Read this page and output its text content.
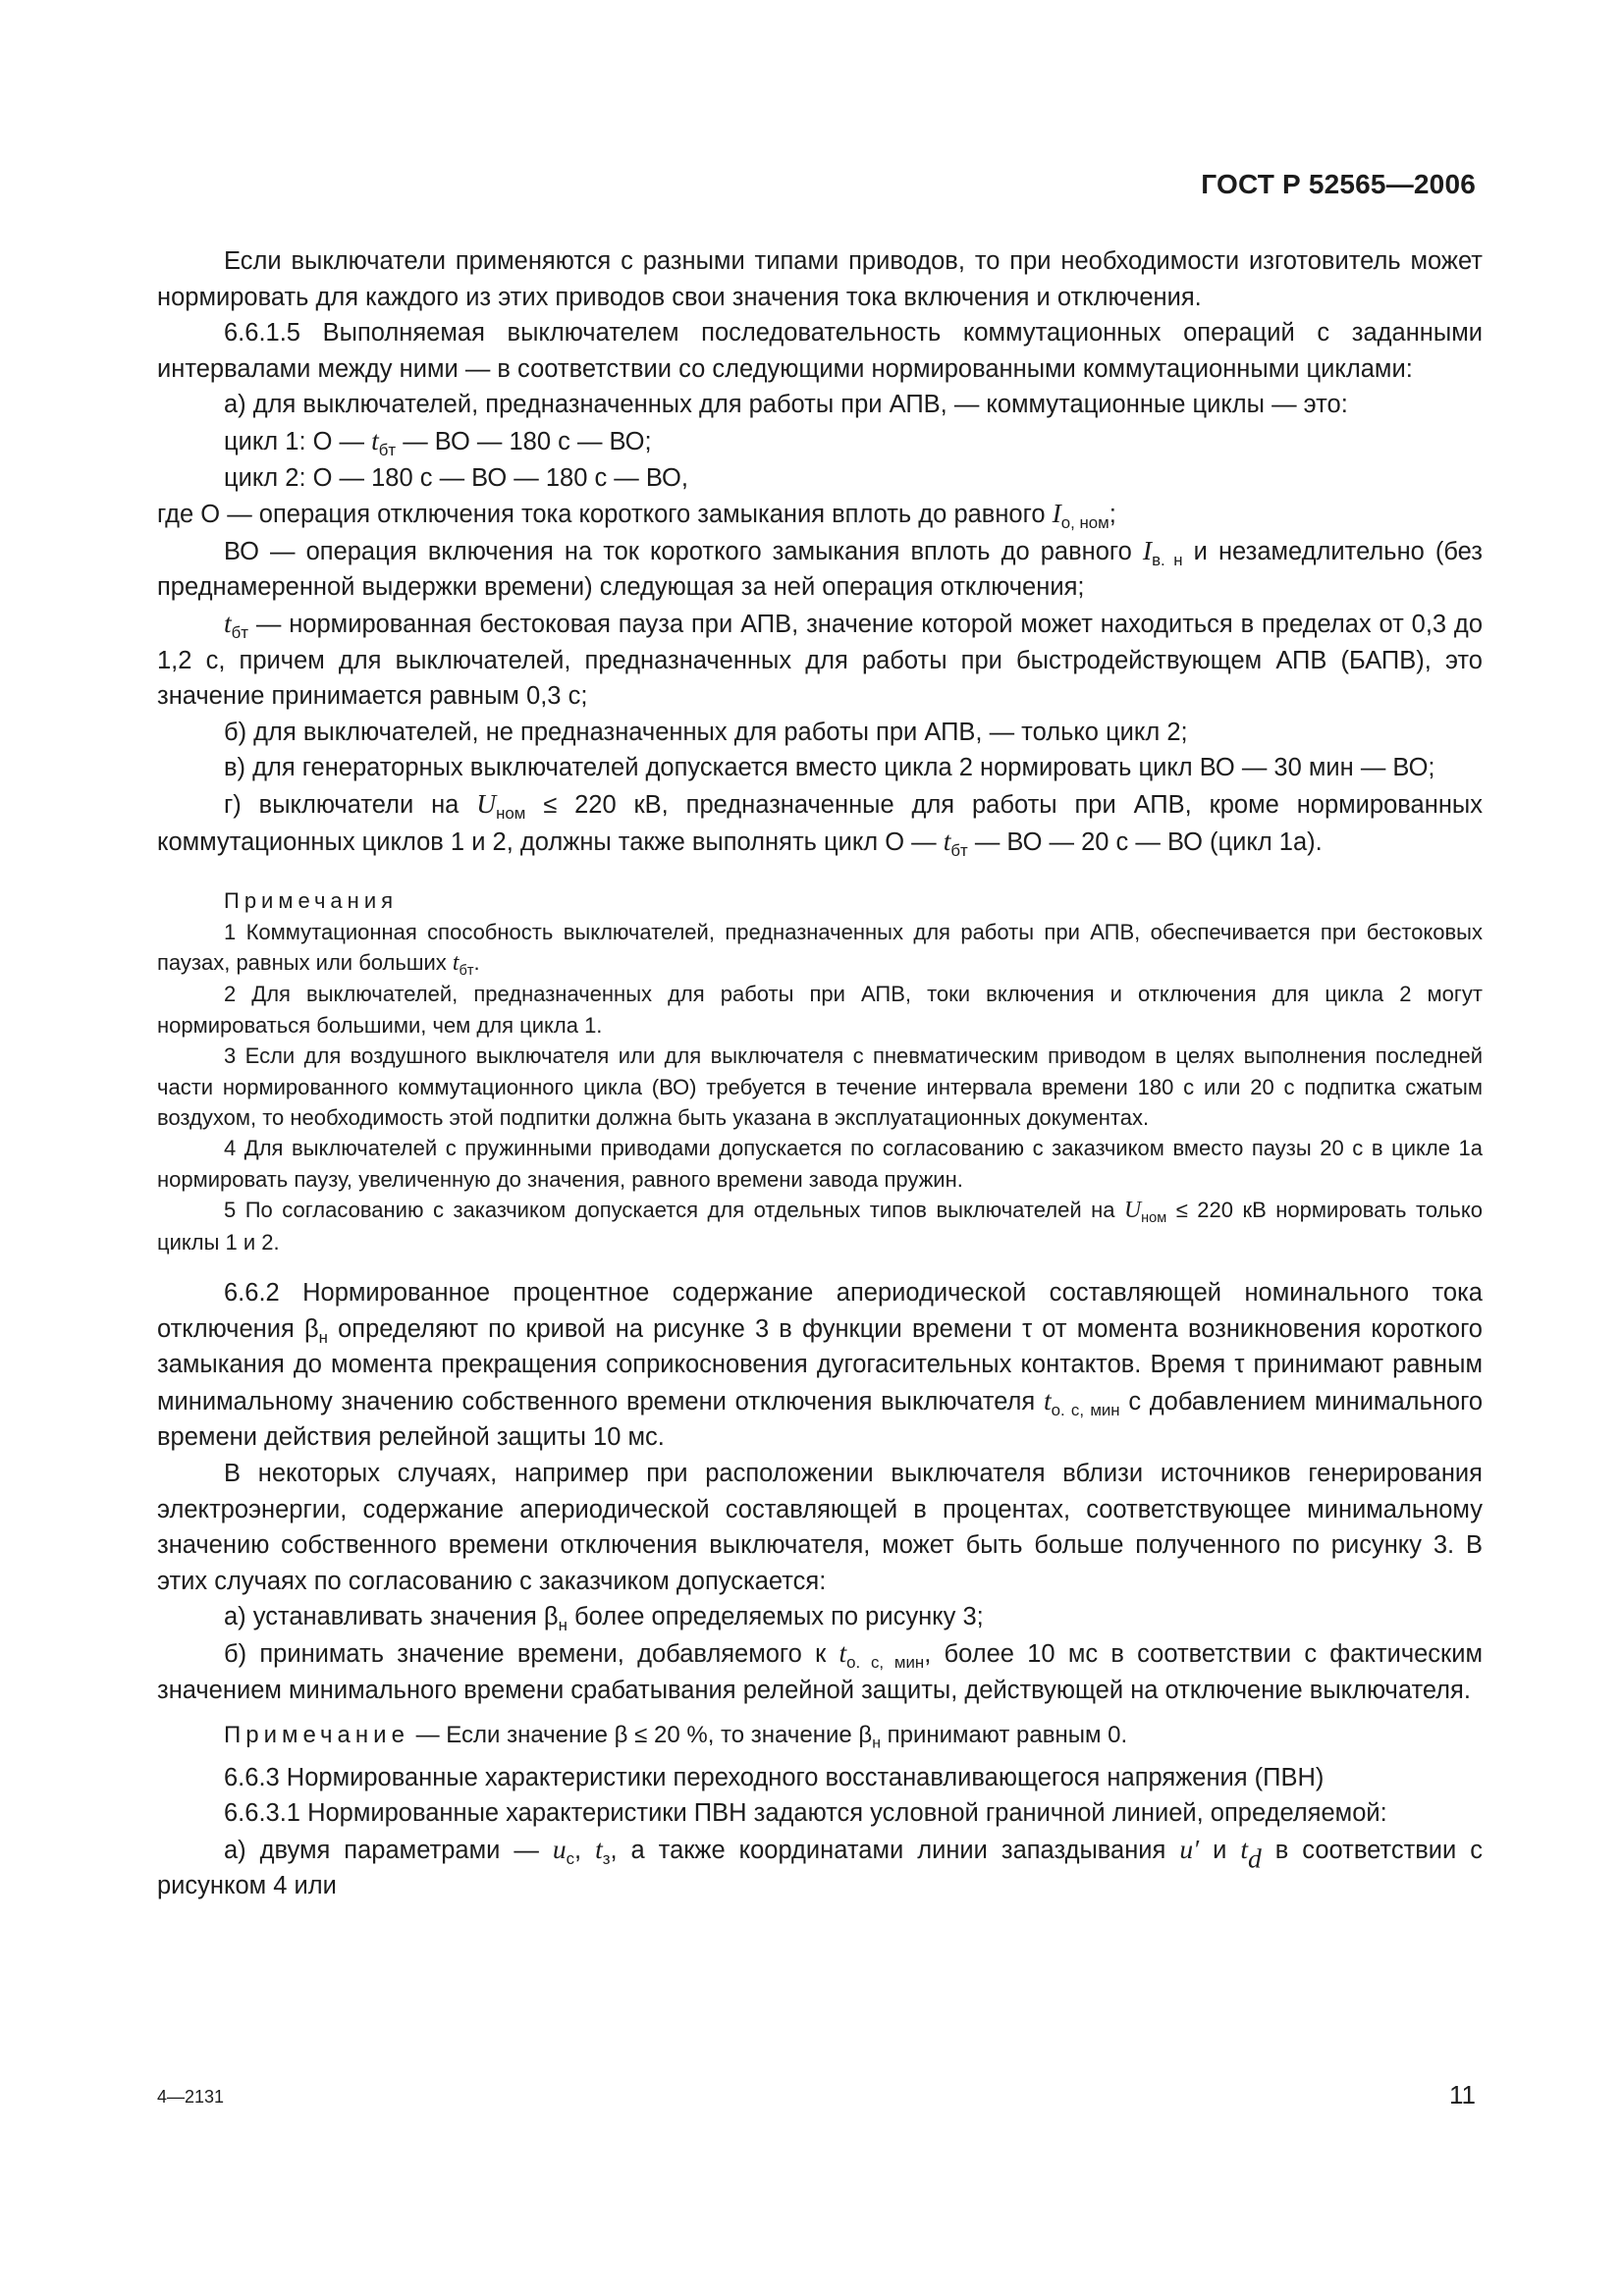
ГОСТ Р 52565—2006

Если выключатели применяются с разными типами приводов, то при необходимости изготовитель может нормировать для каждого из этих приводов свои значения тока включения и отключения.

6.6.1.5 Выполняемая выключателем последовательность коммутационных операций с заданными интервалами между ними — в соответствии со следующими нормированными коммутационными циклами:

а) для выключателей, предназначенных для работы при АПВ, — коммутационные циклы — это:

цикл 1: О — $t_{бт}$ — ВО — 180 с — ВО;

цикл 2: О — 180 с — ВО — 180 с — ВО,

где О — операция отключения тока короткого замыкания вплоть до равного $I_{о, ном}$;

ВО — операция включения на ток короткого замыкания вплоть до равного $I_{в. н}$ и незамедлительно (без преднамеренной выдержки времени) следующая за ней операция отключения;

$t_{бт}$ — нормированная бестоковая пауза при АПВ, значение которой может находиться в пределах от 0,3 до 1,2 с, причем для выключателей, предназначенных для работы при быстродействующем АПВ (БАПВ), это значение принимается равным 0,3 с;

б) для выключателей, не предназначенных для работы при АПВ, — только цикл 2;

в) для генераторных выключателей допускается вместо цикла 2 нормировать цикл ВО — 30 мин — ВО;

г) выключатели на $U_{ном} \le 220$ кВ, предназначенные для работы при АПВ, кроме нормированных коммутационных циклов 1 и 2, должны также выполнять цикл О — $t_{бт}$ — ВО — 20 с — ВО (цикл 1а).

Примечания

1 Коммутационная способность выключателей, предназначенных для работы при АПВ, обеспечивается при бестоковых паузах, равных или больших $t_{бт}$.

2 Для выключателей, предназначенных для работы при АПВ, токи включения и отключения для цикла 2 могут нормироваться большими, чем для цикла 1.

3 Если для воздушного выключателя или для выключателя с пневматическим приводом в целях выполнения последней части нормированного коммутационного цикла (ВО) требуется в течение интервала времени 180 с или 20 с подпитка сжатым воздухом, то необходимость этой подпитки должна быть указана в эксплуатационных документах.

4 Для выключателей с пружинными приводами допускается по согласованию с заказчиком вместо паузы 20 с в цикле 1а нормировать паузу, увеличенную до значения, равного времени завода пружин.

5 По согласованию с заказчиком допускается для отдельных типов выключателей на $U_{ном} \le 220$ кВ нормировать только циклы 1 и 2.

6.6.2 Нормированное процентное содержание апериодической составляющей номинального тока отключения $\beta_н$ определяют по кривой на рисунке 3 в функции времени τ от момента возникновения короткого замыкания до момента прекращения соприкосновения дугогасительных контактов. Время τ принимают равным минимальному значению собственного времени отключения выключателя $t_{о. с, мин}$ с добавлением минимального времени действия релейной защиты 10 мс.

В некоторых случаях, например при расположении выключателя вблизи источников генерирования электроэнергии, содержание апериодической составляющей в процентах, соответствующее минимальному значению собственного времени отключения выключателя, может быть больше полученного по рисунку 3. В этих случаях по согласованию с заказчиком допускается:

а) устанавливать значения $\beta_н$ более определяемых по рисунку 3;

б) принимать значение времени, добавляемого к $t_{о. с, мин}$, более 10 мс в соответствии с фактическим значением минимального времени срабатывания релейной защиты, действующей на отключение выключателя.

Примечание — Если значение β ≤ 20 %, то значение $\beta_н$ принимают равным 0.

6.6.3 Нормированные характеристики переходного восстанавливающегося напряжения (ПВН)

6.6.3.1 Нормированные характеристики ПВН задаются условной граничной линией, определяемой:

а) двумя параметрами — $u_c$, $t_з$, а также координатами линии запаздывания u′ и $t_d$ в соответствии с рисунком 4 или

4—2131	11
